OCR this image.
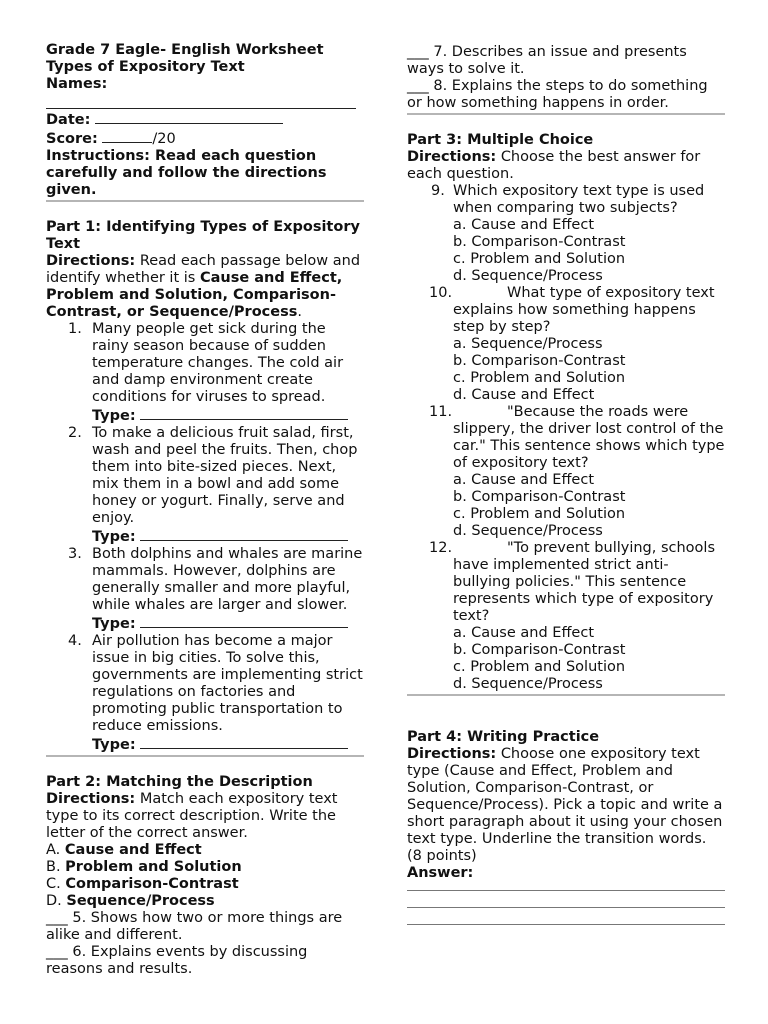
Grade 7 Eagle- English Worksheet

Types of Expository Text

Names:

Date:

Score:	/20

Instructions: Read each question carefully and follow the directions given.

Part 1: Identifying Types of Expository Text

Directions: Read each passage below and identify whether it is Cause and Effect, Problem and Solution, Comparison-Contrast, or Sequence/Process.

1. Many people get sick during the rainy season because of sudden temperature changes. The cold air and damp environment create conditions for viruses to spread.

Type:

2. To make a delicious fruit salad, first, wash and peel the fruits. Then, chop them into bite-sized pieces. Next, mix them in a bowl and add some honey or yogurt. Finally, serve and enjoy.

Type:

3. Both dolphins and whales are marine mammals. However, dolphins are generally smaller and more playful, while whales are larger and slower.

Type:

4. Air pollution has become a major issue in big cities. To solve this, governments are implementing strict regulations on factories and promoting public transportation to reduce emissions.

Type:

Part 2: Matching the Description

Directions: Match each expository text type to its correct description. Write the letter of the correct answer.

A. Cause and Effect

B. Problem and Solution

C. Comparison-Contrast

D. Sequence/Process

___ 5. Shows how two or more things are alike and different.

___ 6. Explains events by discussing reasons and results.

___ 7. Describes an issue and presents ways to solve it.

___ 8. Explains the steps to do something or how something happens in order.

Part 3: Multiple Choice

Directions: Choose the best answer for each question.

9. Which expository text type is used when comparing two subjects?

a. Cause and Effect

b. Comparison-Contrast

c. Problem and Solution

d. Sequence/Process

10.	What type of expository text explains how something happens step by step?

a. Sequence/Process

b. Comparison-Contrast

c. Problem and Solution

d. Cause and Effect

11.	"Because the roads were slippery, the driver lost control of the car." This sentence shows which type of expository text?

a. Cause and Effect

b. Comparison-Contrast

c. Problem and Solution

d. Sequence/Process

12.	"To prevent bullying, schools have implemented strict anti-bullying policies." This sentence represents which type of expository text?

a. Cause and Effect

b. Comparison-Contrast

c. Problem and Solution

d. Sequence/Process

Part 4: Writing Practice

Directions: Choose one expository text type (Cause and Effect, Problem and Solution, Comparison-Contrast, or Sequence/Process). Pick a topic and write a short paragraph about it using your chosen text type. Underline the transition words. (8 points)

Answer:
